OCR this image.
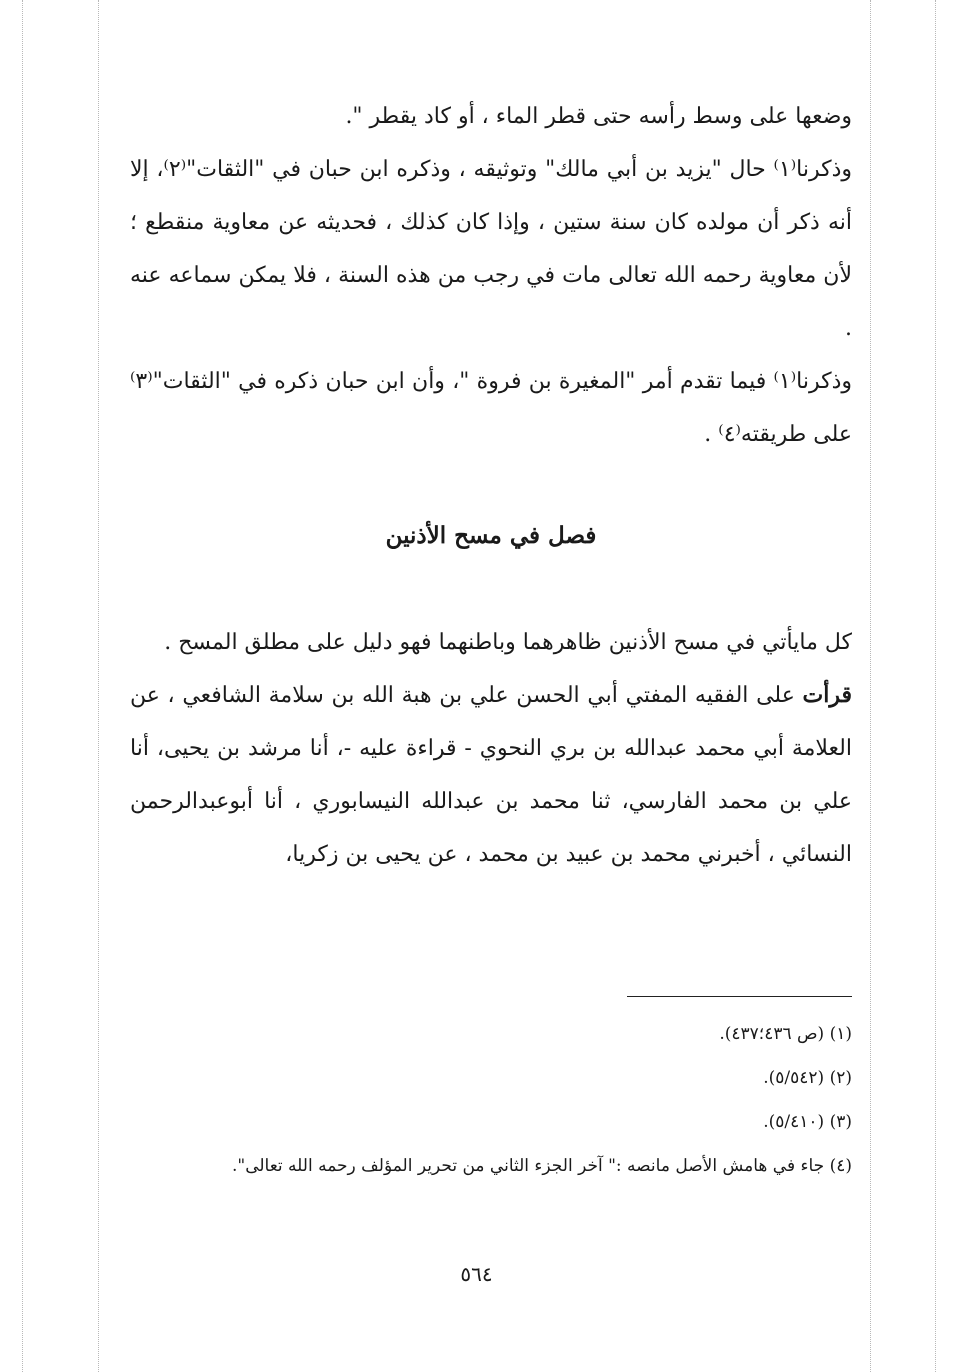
وضعها على وسط رأسه حتى قطر الماء ، أو كاد يقطر ".

وذكرنا⁽١⁾ حال "يزيد بن أبي مالك" وتوثيقه ، وذكره ابن حبان في "الثقات"⁽٢⁾، إلا أنه ذكر أن مولده كان سنة ستين ، وإذا كان كذلك ، فحديثه عن معاوية منقطع ؛ لأن معاوية رحمه الله تعالى مات في رجب من هذه السنة ، فلا يمكن سماعه عنه .

وذكرنا⁽١⁾ فيما تقدم أمر "المغيرة بن فروة "، وأن ابن حبان ذكره في "الثقات"⁽٣⁾ على طريقته⁽٤⁾ .

فصل في مسح الأذنين

كل مايأتي في مسح الأذنين ظاهرهما وباطنهما فهو دليل على مطلق المسح .

قرأت على الفقيه المفتي أبي الحسن علي بن هبة الله بن سلامة الشافعي ، عن العلامة أبي محمد عبدالله بن بري النحوي - قراءة عليه -، أنا مرشد بن يحيى، أنا علي بن محمد الفارسي، ثنا محمد بن عبدالله النيسابوري ، أنا أبوعبدالرحمن النسائي ، أخبرني محمد بن عبيد بن محمد ، عن يحيى بن زكريا،

(١) (ص ٤٣٦؛٤٣٧).

(٢) (٥/٥٤٢).

(٣) (٥/٤١٠).

(٤) جاء في هامش الأصل مانصه :" آخر الجزء الثاني من تحرير المؤلف رحمه الله تعالى".

٥٦٤
